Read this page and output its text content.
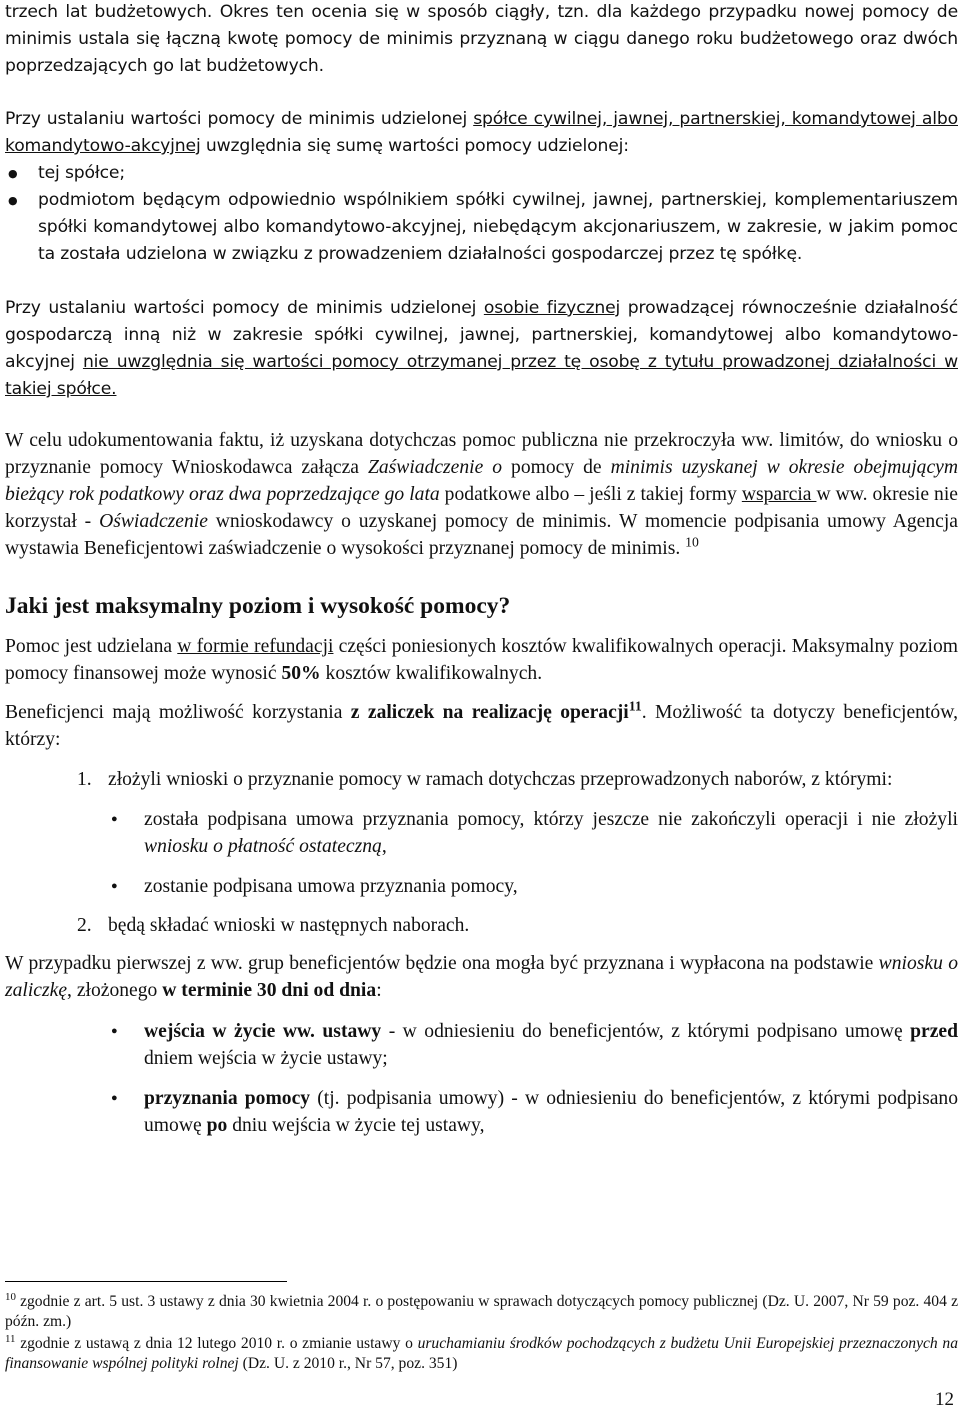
trzech lat budżetowych. Okres ten ocenia się w sposób ciągły, tzn. dla każdego przypadku nowej pomocy de minimis ustala się łączną kwotę pomocy de minimis przyznaną w ciągu danego roku budżetowego oraz dwóch poprzedzających go lat budżetowych.

Przy ustalaniu wartości pomocy de minimis udzielonej spółce cywilnej, jawnej, partnerskiej, komandytowej albo komandytowo-akcyjnej uwzględnia się sumę wartości pomocy udzielonej:

● tej spółce;
● podmiotom będącym odpowiednio wspólnikiem spółki cywilnej, jawnej, partnerskiej, komplementariuszem spółki komandytowej albo komandytowo-akcyjnej, niebędącym akcjonariuszem, w zakresie, w jakim pomoc ta została udzielona w związku z prowadzeniem działalności gospodarczej przez tę spółkę.

Przy ustalaniu wartości pomocy de minimis udzielonej osobie fizycznej prowadzącej równocześnie działalność gospodarczą inną niż w zakresie spółki cywilnej, jawnej, partnerskiej, komandytowej albo komandytowo-akcyjnej nie uwzględnia się wartości pomocy otrzymanej przez tę osobę z tytułu prowadzonej działalności w takiej spółce.

W celu udokumentowania faktu, iż uzyskana dotychczas pomoc publiczna nie przekroczyła ww. limitów, do wniosku o przyznanie pomocy Wnioskodawca załącza Zaświadczenie o pomocy de minimis uzyskanej w okresie obejmującym bieżący rok podatkowy oraz dwa poprzedzające go lata podatkowe albo – jeśli z takiej formy wsparcia w ww. okresie nie korzystał - Oświadczenie wnioskodawcy o uzyskanej pomocy de minimis. W momencie podpisania umowy Agencja wystawia Beneficjentowi zaświadczenie o wysokości przyznanej pomocy de minimis. $^{10}$

Jaki jest maksymalny poziom i wysokość pomocy?

Pomoc jest udzielana w formie refundacji części poniesionych kosztów kwalifikowalnych operacji. Maksymalny poziom pomocy finansowej może wynosić 50% kosztów kwalifikowalnych.

Beneficjenci mają możliwość korzystania z zaliczek na realizację operacji$^{11}$. Możliwość ta dotyczy beneficjentów, którzy:

1. złożyli wnioski o przyznanie pomocy w ramach dotychczas przeprowadzonych naborów, z którymi:
● została podpisana umowa przyznania pomocy, którzy jeszcze nie zakończyli operacji i nie złożyli wniosku o płatność ostateczną,
● zostanie podpisana umowa przyznania pomocy,
2. będą składać wnioski w następnych naborach.

W przypadku pierwszej z ww. grup beneficjentów będzie ona mogła być przyznana i wypłacona na podstawie wniosku o zaliczkę, złożonego w terminie 30 dni od dnia:

● wejścia w życie ww. ustawy - w odniesieniu do beneficjentów, z którymi podpisano umowę przed dniem wejścia w życie ustawy;
● przyznania pomocy (tj. podpisania umowy) - w odniesieniu do beneficjentów, z którymi podpisano umowę po dniu wejścia w życie tej ustawy,

$^{10}$ zgodnie z art. 5 ust. 3 ustawy z dnia 30 kwietnia 2004 r. o postępowaniu w sprawach dotyczących pomocy publicznej (Dz. U. 2007, Nr 59 poz. 404 z późn. zm.)

$^{11}$ zgodnie z ustawą z dnia 12 lutego 2010 r. o zmianie ustawy o uruchamianiu środków pochodzących z budżetu Unii Europejskiej przeznaczonych na finansowanie wspólnej polityki rolnej (Dz. U. z 2010 r., Nr 57, poz. 351)

12
